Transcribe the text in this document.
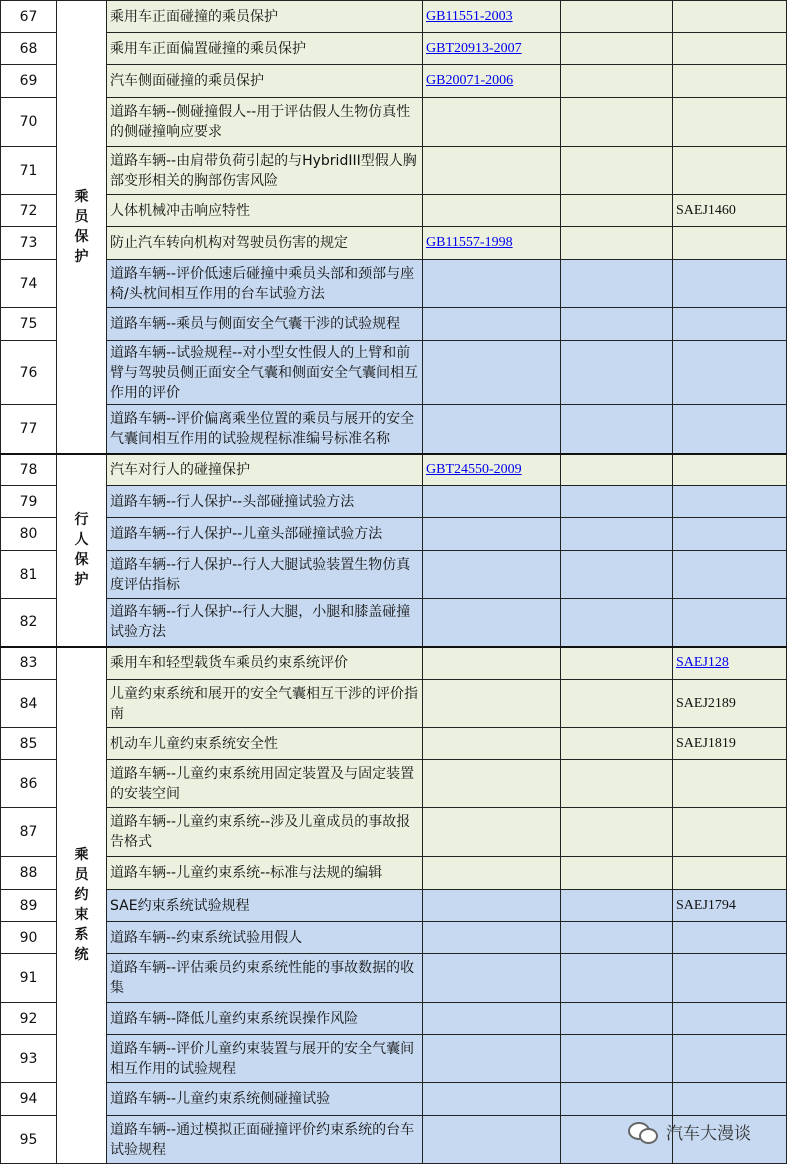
67	乘员保护	乘用车正面碰撞的乘员保护	GB11551-2003		
68		乘用车正面偏置碰撞的乘员保护	GBT20913-2007		
69		汽车侧面碰撞的乘员保护	GB20071-2006		
70		道路车辆--侧碰撞假人--用于评估假人生物仿真性的侧碰撞响应要求			
71		道路车辆--由肩带负荷引起的与HybridIII型假人胸部变形相关的胸部伤害风险			
72		人体机械冲击响应特性			SAEJ1460
73		防止汽车转向机构对驾驶员伤害的规定	GB11557-1998		
74		道路车辆--评价低速后碰撞中乘员头部和颈部与座椅/头枕间相互作用的台车试验方法			
75		道路车辆--乘员与侧面安全气囊干涉的试验规程			
76		道路车辆--试验规程--对小型女性假人的上臂和前臂与驾驶员侧正面安全气囊和侧面安全气囊间相互作用的评价			
77		道路车辆--评价偏离乘坐位置的乘员与展开的安全气囊间相互作用的试验规程标准编号标准名称			
78	行人保护	汽车对行人的碰撞保护	GBT24550-2009		
79		道路车辆--行人保护--头部碰撞试验方法			
80		道路车辆--行人保护--儿童头部碰撞试验方法			
81		道路车辆--行人保护--行人大腿试验装置生物仿真度评估指标			
82		道路车辆--行人保护--行人大腿，小腿和膝盖碰撞试验方法			
83	乘员约束系统	乘用车和轻型载货车乘员约束系统评价			SAEJ128
84		儿童约束系统和展开的安全气囊相互干涉的评价指南			SAEJ2189
85		机动车儿童约束系统安全性			SAEJ1819
86		道路车辆--儿童约束系统用固定装置及与固定装置的安装空间			
87		道路车辆--儿童约束系统--涉及儿童成员的事故报告格式			
88		道路车辆--儿童约束系统--标准与法规的编辑			
89		SAE约束系统试验规程			SAEJ1794
90		道路车辆--约束系统试验用假人			
91		道路车辆--评估乘员约束系统性能的事故数据的收集			
92		道路车辆--降低儿童约束系统误操作风险			
93		道路车辆--评价儿童约束装置与展开的安全气囊间相互作用的试验规程			
94		道路车辆--儿童约束系统侧碰撞试验			
95		道路车辆--通过模拟正面碰撞评价约束系统的台车试验规程			
汽车大漫谈
